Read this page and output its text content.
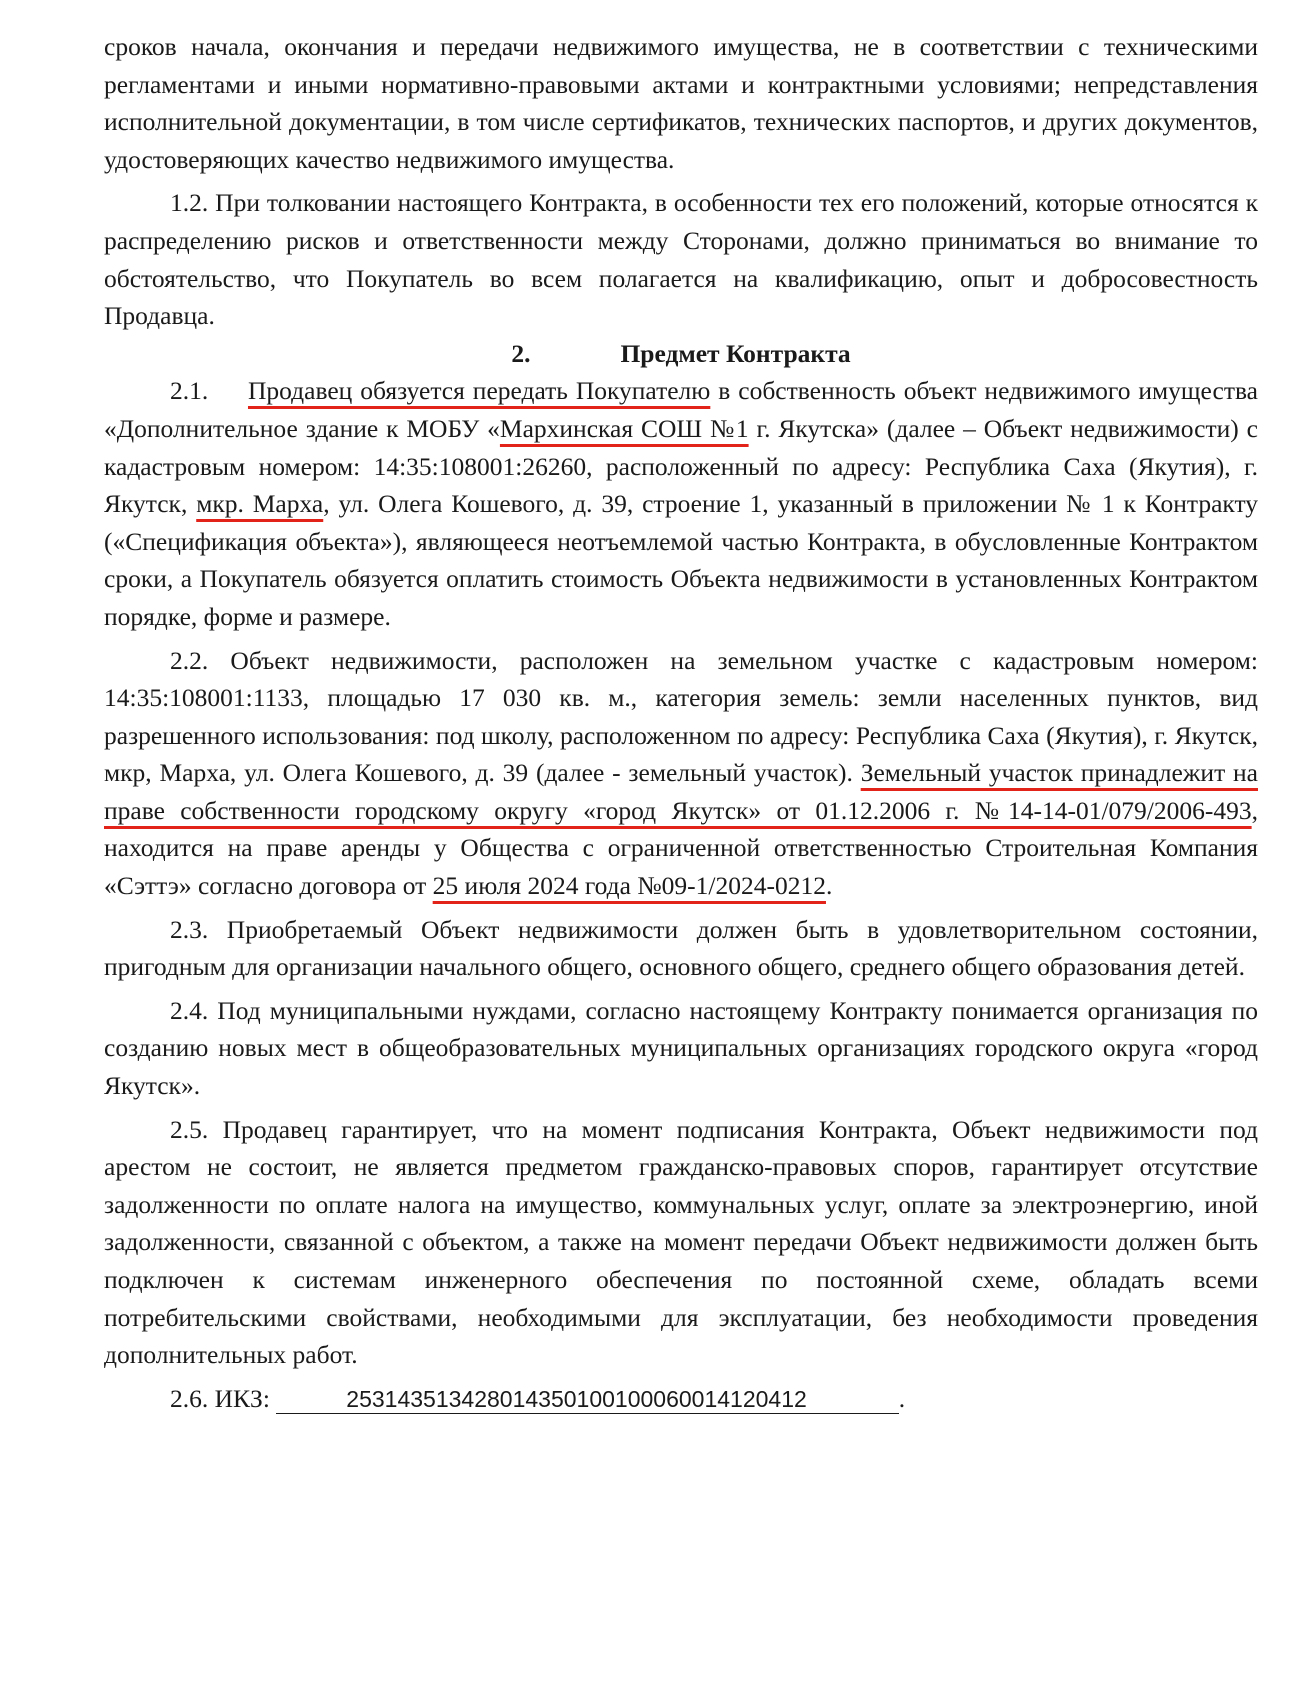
сроков начала, окончания и передачи недвижимого имущества, не в соответствии с техническими регламентами и иными нормативно-правовыми актами и контрактными условиями; непредставления исполнительной документации, в том числе сертификатов, технических паспортов, и других документов, удостоверяющих качество недвижимого имущества.

1.2. При толковании настоящего Контракта, в особенности тех его положений, которые относятся к распределению рисков и ответственности между Сторонами, должно приниматься во внимание то обстоятельство, что Покупатель во всем полагается на квалификацию, опыт и добросовестность Продавца.

2.	Предмет Контракта

2.1. Продавец обязуется передать Покупателю в собственность объект недвижимого имущества «Дополнительное здание к МОБУ «Мархинская СОШ №1 г. Якутска» (далее – Объект недвижимости) с кадастровым номером: 14:35:108001:26260, расположенный по адресу: Республика Саха (Якутия), г. Якутск, мкр. Марха, ул. Олега Кошевого, д. 39, строение 1, указанный в приложении № 1 к Контракту («Спецификация объекта»), являющееся неотъемлемой частью Контракта, в обусловленные Контрактом сроки, а Покупатель обязуется оплатить стоимость Объекта недвижимости в установленных Контрактом порядке, форме и размере.

2.2. Объект недвижимости, расположен на земельном участке с кадастровым номером: 14:35:108001:1133, площадью 17 030 кв. м., категория земель: земли населенных пунктов, вид разрешенного использования: под школу, расположенном по адресу: Республика Саха (Якутия), г. Якутск, мкр, Марха, ул. Олега Кошевого, д. 39 (далее - земельный участок). Земельный участок принадлежит на праве собственности городскому округу «город Якутск» от 01.12.2006 г. №14-14-01/079/2006-493, находится на праве аренды у Общества с ограниченной ответственностью Строительная Компания «Сэттэ» согласно договора от 25 июля 2024 года №09-1/2024-0212.

2.3. Приобретаемый Объект недвижимости должен быть в удовлетворительном состоянии, пригодным для организации начального общего, основного общего, среднего общего образования детей.

2.4. Под муниципальными нуждами, согласно настоящему Контракту понимается организация по созданию новых мест в общеобразовательных муниципальных организациях городского округа «город Якутск».

2.5. Продавец гарантирует, что на момент подписания Контракта, Объект недвижимости под арестом не состоит, не является предметом гражданско-правовых споров, гарантирует отсутствие задолженности по оплате налога на имущество, коммунальных услуг, оплате за электроэнергию, иной задолженности, связанной с объектом, а также на момент передачи Объект недвижимости должен быть подключен к системам инженерного обеспечения по постоянной схеме, обладать всеми потребительскими свойствами, необходимыми для эксплуатации, без необходимости проведения дополнительных работ.

2.6. ИКЗ:	253143513428014350100100060014120412	.
